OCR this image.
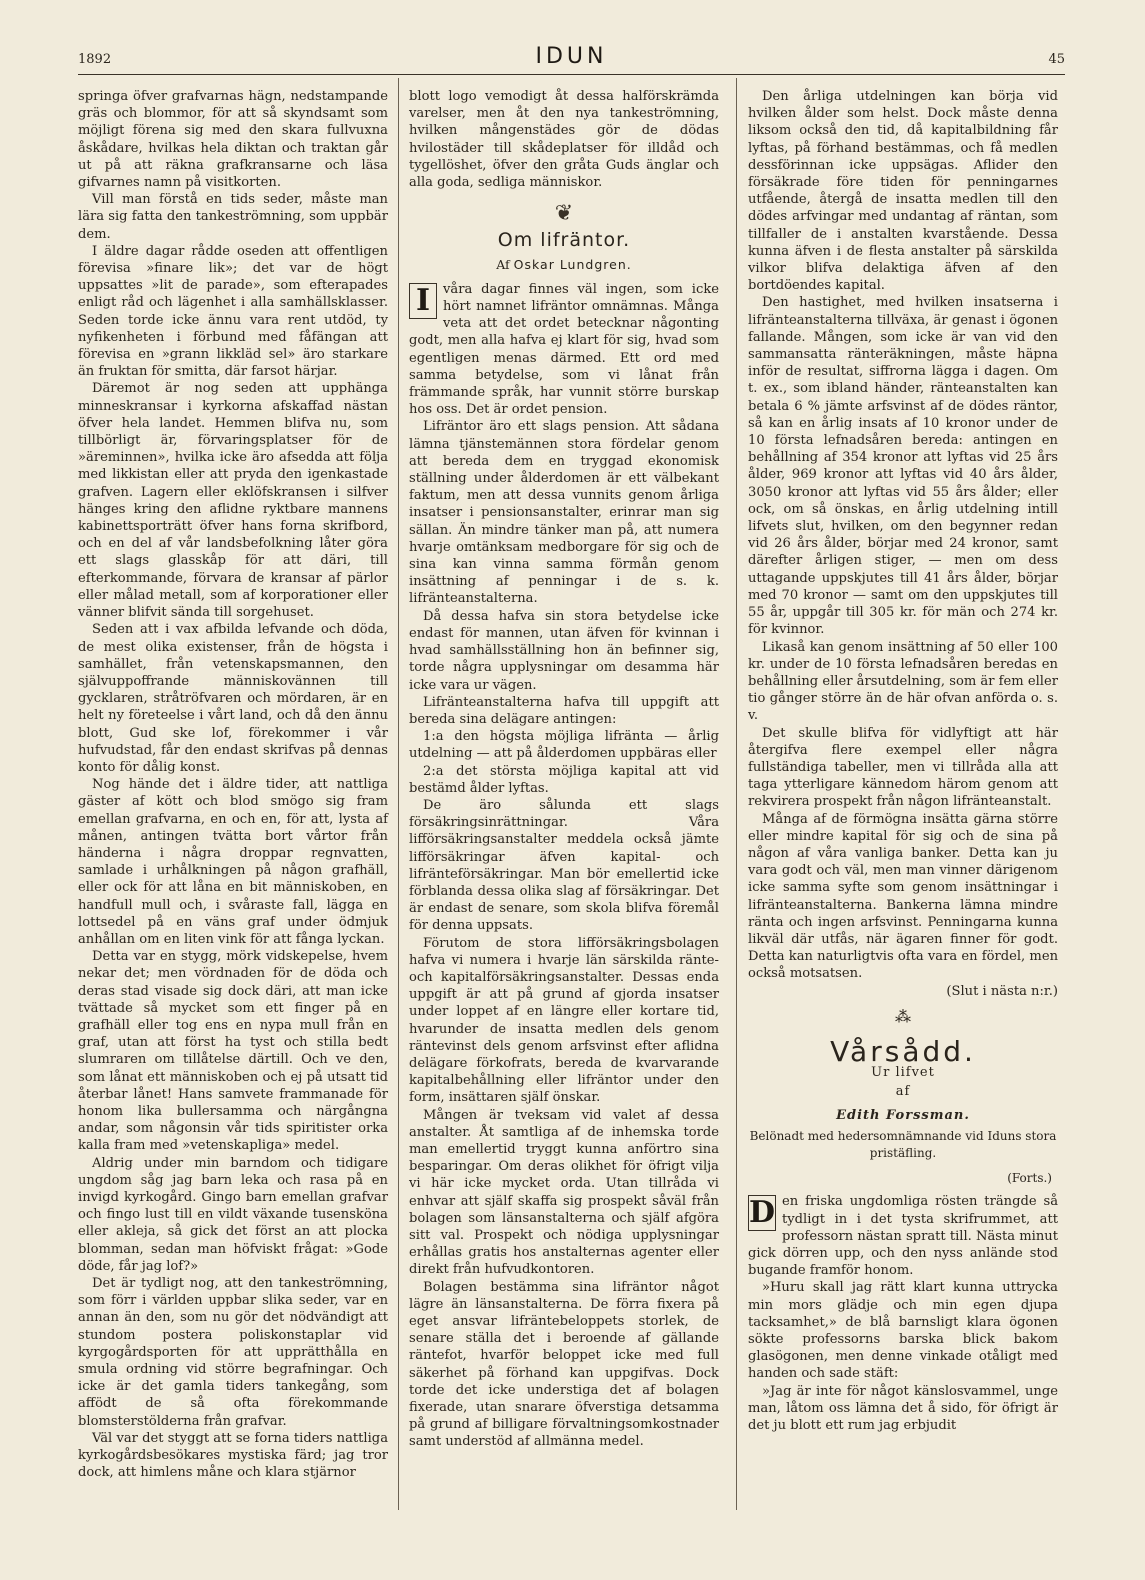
1892	IDUN	45

springa öfver grafvarnas hägn, nedstampande gräs och blommor, för att så skyndsamt som möjligt förena sig med den skara fullvuxna åskådare, hvilkas hela diktan och traktan går ut på att räkna grafkransarne och läsa gifvarnes namn på visitkorten.

Vill man förstå en tids seder, måste man lära sig fatta den tankeströmning, som uppbär dem.

I äldre dagar rådde oseden att offentligen förevisa »finare lik»; det var de högt uppsattes »lit de parade», som efterapades enligt råd och lägenhet i alla samhällsklasser. Seden torde icke ännu vara rent utdöd, ty nyfikenheten i förbund med fåfängan att förevisa en »grann likkläd sel» äro starkare än fruktan för smitta, där farsot härjar.

Däremot är nog seden att upphänga minneskransar i kyrkorna afskaffad nästan öfver hela landet. Hemmen blifva nu, som tillbörligt är, förvaringsplatser för de »äreminnen», hvilka icke äro afsedda att följa med likkistan eller att pryda den igenkastade grafven. Lagern eller eklöfskransen i silfver hänges kring den aflidne ryktbare mannens kabinettsporträtt öfver hans forna skrifbord, och en del af vår landsbefolkning låter göra ett slags glasskåp för att däri, till efterkommande, förvara de kransar af pärlor eller målad metall, som af korporationer eller vänner blifvit sända till sorgehuset.

Seden att i vax afbilda lefvande och döda, de mest olika existenser, från de högsta i samhället, från vetenskapsmannen, den självuppoffrande människovännen till gycklaren, stråtröfvaren och mördaren, är en helt ny företeelse i vårt land, och då den ännu blott, Gud ske lof, förekommer i vår hufvudstad, får den endast skrifvas på dennas konto för dålig konst.

Nog hände det i äldre tider, att nattliga gäster af kött och blod smögo sig fram emellan grafvarna, en och en, för att, lysta af månen, antingen tvätta bort vårtor från händerna i några droppar regnvatten, samlade i urhålkningen på någon grafhäll, eller ock för att låna en bit människoben, en handfull mull och, i svåraste fall, lägga en lottsedel på en väns graf under ödmjuk anhållan om en liten vink för att fånga lyckan.

Detta var en stygg, mörk vidskepelse, hvem nekar det; men vördnaden för de döda och deras stad visade sig dock däri, att man icke tvättade så mycket som ett finger på en grafhäll eller tog ens en nypa mull från en graf, utan att först ha tyst och stilla bedt slumraren om tillåtelse därtill. Och ve den, som lånat ett människoben och ej på utsatt tid återbar lånet! Hans samvete frammanade för honom lika bullersamma och närgångna andar, som någonsin vår tids spiritister orka kalla fram med »vetenskapliga» medel.

Aldrig under min barndom och tidigare ungdom såg jag barn leka och rasa på en invigd kyrkogård. Gingo barn emellan grafvar och fingo lust till en vildt växande tusensköna eller akleja, så gick det först an att plocka blomman, sedan man höfviskt frågat: »Gode döde, får jag lof?»

Det är tydligt nog, att den tankeströmning, som förr i världen uppbar slika seder, var en annan än den, som nu gör det nödvändigt att stundom postera poliskonstaplar vid kyrgogårdsporten för att upprätthålla en smula ordning vid större begrafningar. Och icke är det gamla tiders tankegång, som affödt de så ofta förekommande blomsterstölderna från grafvar.

Väl var det styggt att se forna tiders nattliga kyrkogårdsbesökares mystiska färd; jag tror dock, att himlens måne och klara stjärnor

blott logo vemodigt åt dessa halförskrämda varelser, men åt den nya tankeströmning, hvilken mångenstädes gör de dödas hvilostäder till skådeplatser för illdåd och tygellöshet, öfver den gråta Guds änglar och alla goda, sedliga människor.

❦
Om lifräntor.
Af Oskar Lundgren.

I våra dagar finnes väl ingen, som icke hört namnet lifräntor omnämnas. Många veta att det ordet betecknar någonting godt, men alla hafva ej klart för sig, hvad som egentligen menas därmed. Ett ord med samma betydelse, som vi lånat från främmande språk, har vunnit större burskap hos oss. Det är ordet pension.

Lifräntor äro ett slags pension. Att sådana lämna tjänstemännen stora fördelar genom att bereda dem en tryggad ekonomisk ställning under ålderdomen är ett välbekant faktum, men att dessa vunnits genom årliga insatser i pensionsanstalter, erinrar man sig sällan. Än mindre tänker man på, att numera hvarje omtänksam medborgare för sig och de sina kan vinna samma förmån genom insättning af penningar i de s. k. lifränteanstalterna.

Då dessa hafva sin stora betydelse icke endast för mannen, utan äfven för kvinnan i hvad samhällsställning hon än befinner sig, torde några upplysningar om desamma här icke vara ur vägen.

Lifränteanstalterna hafva till uppgift att bereda sina delägare antingen:

1:a den högsta möjliga lifränta — årlig utdelning — att på ålderdomen uppbäras eller

2:a det största möjliga kapital att vid bestämd ålder lyftas.

De äro sålunda ett slags försäkringsinrättningar. Våra lifförsäkringsanstalter meddela också jämte lifförsäkringar äfven kapital- och lifränteförsäkringar. Man bör emellertid icke förblanda dessa olika slag af försäkringar. Det är endast de senare, som skola blifva föremål för denna uppsats.

Förutom de stora lifförsäkringsbolagen hafva vi numera i hvarje län särskilda ränte- och kapitalförsäkringsanstalter. Dessas enda uppgift är att på grund af gjorda insatser under loppet af en längre eller kortare tid, hvarunder de insatta medlen dels genom räntevinst dels genom arfsvinst efter aflidna delägare förkofrats, bereda de kvarvarande kapitalbehållning eller lifräntor under den form, insättaren själf önskar.

Mången är tveksam vid valet af dessa anstalter. Åt samtliga af de inhemska torde man emellertid tryggt kunna anförtro sina besparingar. Om deras olikhet för öfrigt vilja vi här icke mycket orda. Utan tillråda vi enhvar att själf skaffa sig prospekt såväl från bolagen som länsanstalterna och själf afgöra sitt val. Prospekt och nödiga upplysningar erhållas gratis hos anstalternas agenter eller direkt från hufvudkontoren.

Bolagen bestämma sina lifräntor något lägre än länsanstalterna. De förra fixera på eget ansvar lifräntebeloppets storlek, de senare ställa det i beroende af gällande räntefot, hvarför beloppet icke med full säkerhet på förhand kan uppgifvas. Dock torde det icke understiga det af bolagen fixerade, utan snarare öfverstiga detsamma på grund af billigare förvaltningsomkostnader samt understöd af allmänna medel.

Den årliga utdelningen kan börja vid hvilken ålder som helst. Dock måste denna liksom också den tid, då kapitalbildning får lyftas, på förhand bestämmas, och få medlen dessförinnan icke uppsägas. Aflider den försäkrade före tiden för penningarnes utfående, återgå de insatta medlen till den dödes arfvingar med undantag af räntan, som tillfaller de i anstalten kvarstående. Dessa kunna äfven i de flesta anstalter på särskilda vilkor blifva delaktiga äfven af den bortdöendes kapital.

Den hastighet, med hvilken insatserna i lifränteanstalterna tillväxa, är genast i ögonen fallande. Mången, som icke är van vid den sammansatta ränteräkningen, måste häpna inför de resultat, siffrorna lägga i dagen. Om t. ex., som ibland händer, ränteanstalten kan betala 6 % jämte arfsvinst af de dödes räntor, så kan en årlig insats af 10 kronor under de 10 första lefnadsåren bereda: antingen en behållning af 354 kronor att lyftas vid 25 års ålder, 969 kronor att lyftas vid 40 års ålder, 3050 kronor att lyftas vid 55 års ålder; eller ock, om så önskas, en årlig utdelning intill lifvets slut, hvilken, om den begynner redan vid 26 års ålder, börjar med 24 kronor, samt därefter årligen stiger, — men om dess uttagande uppskjutes till 41 års ålder, börjar med 70 kronor — samt om den uppskjutes till 55 år, uppgår till 305 kr. för män och 274 kr. för kvinnor.

Likaså kan genom insättning af 50 eller 100 kr. under de 10 första lefnadsåren beredas en behållning eller årsutdelning, som är fem eller tio gånger större än de här ofvan anförda o. s. v.

Det skulle blifva för vidlyftigt att här återgifva flere exempel eller några fullständiga tabeller, men vi tillråda alla att taga ytterligare kännedom härom genom att rekvirera prospekt från någon lifränteanstalt.

Många af de förmögna insätta gärna större eller mindre kapital för sig och de sina på någon af våra vanliga banker. Detta kan ju vara godt och väl, men man vinner därigenom icke samma syfte som genom insättningar i lifränteanstalterna. Bankerna lämna mindre ränta och ingen arfsvinst. Penningarna kunna likväl där utfås, när ägaren finner för godt. Detta kan naturligtvis ofta vara en fördel, men också motsatsen.

(Slut i nästa n:r.)

⁂
Vårsådd.
Ur lifvet
af
Edith Forssman.
Belönadt med hedersomnämnande vid Iduns stora pristäfling.
(Forts.)

D en friska ungdomliga rösten trängde så tydligt in i det tysta skrifrummet, att professorn nästan spratt till. Nästa minut gick dörren upp, och den nyss anlände stod bugande framför honom.

»Huru skall jag rätt klart kunna uttrycka min mors glädje och min egen djupa tacksamhet,» de blå barnsligt klara ögonen sökte professorns barska blick bakom glasögonen, men denne vinkade otåligt med handen och sade stäft:

»Jag är inte för något känslosvammel, unge man, låtom oss lämna det å sido, för öfrigt är det ju blott ett rum jag erbjudit
